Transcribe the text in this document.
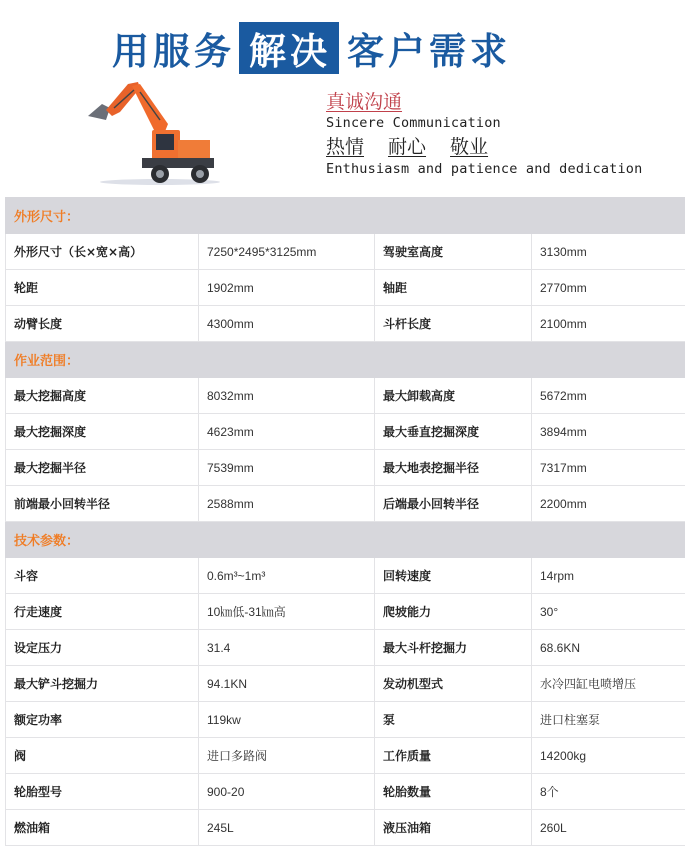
用服务 解决 客户需求
真诚沟通
Sincere Communication
热情 耐心 敬业
Enthusiasm and patience and dedication
外形尺寸：			
外形尺寸（长×宽×高）	7250*2495*3125mm	驾驶室高度	3130mm
轮距	1902mm	轴距	2770mm
动臂长度	4300mm	斗杆长度	2100mm
作业范围：			
最大挖掘高度	8032mm	最大卸载高度	5672mm
最大挖掘深度	4623mm	最大垂直挖掘深度	3894mm
最大挖掘半径	7539mm	最大地表挖掘半径	7317mm
前端最小回转半径	2588mm	后端最小回转半径	2200mm
技术参数：			
斗容	0.6m³~1m³	回转速度	14rpm
行走速度	10㎞低-31㎞高	爬坡能力	30°
设定压力	31.4	最大斗杆挖掘力	68.6KN
最大铲斗挖掘力	94.1KN	发动机型式	水冷四缸电喷增压
额定功率	119kw	泵	进口柱塞泵
阀	进口多路阀	工作质量	14200kg
轮胎型号	900-20	轮胎数量	8个
燃油箱	245L	液压油箱	260L
